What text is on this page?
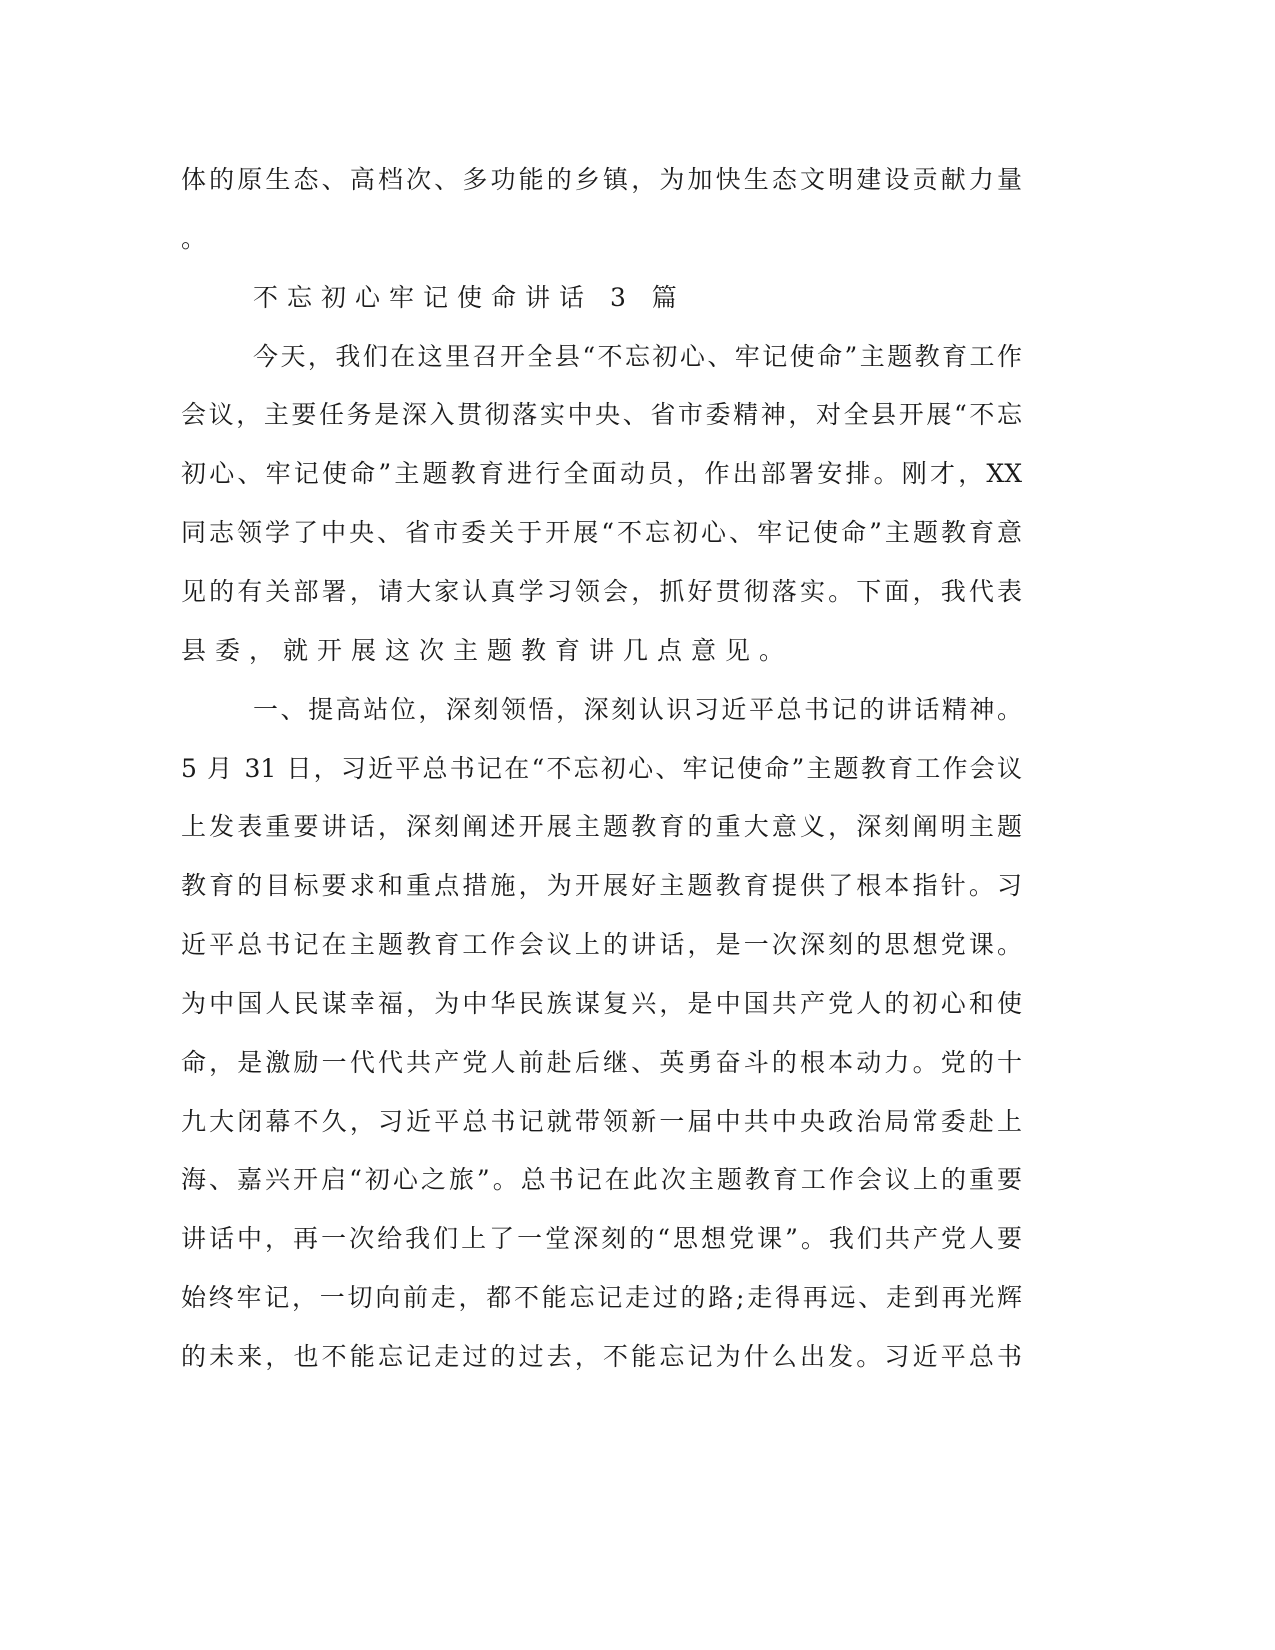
体的原生态、高档次、多功能的乡镇，为加快生态文明建设贡献力量
。
不忘初心牢记使命讲话 3 篇
今天，我们在这里召开全县“不忘初心、牢记使命”主题教育工作
会议，主要任务是深入贯彻落实中央、省市委精神，对全县开展“不忘
初心、牢记使命”主题教育进行全面动员，作出部署安排。刚才，XX
同志领学了中央、省市委关于开展“不忘初心、牢记使命”主题教育意
见的有关部署，请大家认真学习领会，抓好贯彻落实。下面，我代表
县委，就开展这次主题教育讲几点意见。
一、提高站位，深刻领悟，深刻认识习近平总书记的讲话精神。
5 月 31 日，习近平总书记在“不忘初心、牢记使命”主题教育工作会议
上发表重要讲话，深刻阐述开展主题教育的重大意义，深刻阐明主题
教育的目标要求和重点措施，为开展好主题教育提供了根本指针。习
近平总书记在主题教育工作会议上的讲话，是一次深刻的思想党课。
为中国人民谋幸福，为中华民族谋复兴，是中国共产党人的初心和使
命，是激励一代代共产党人前赴后继、英勇奋斗的根本动力。党的十
九大闭幕不久，习近平总书记就带领新一届中共中央政治局常委赴上
海、嘉兴开启“初心之旅”。总书记在此次主题教育工作会议上的重要
讲话中，再一次给我们上了一堂深刻的“思想党课”。我们共产党人要
始终牢记，一切向前走，都不能忘记走过的路;走得再远、走到再光辉
的未来，也不能忘记走过的过去，不能忘记为什么出发。习近平总书
